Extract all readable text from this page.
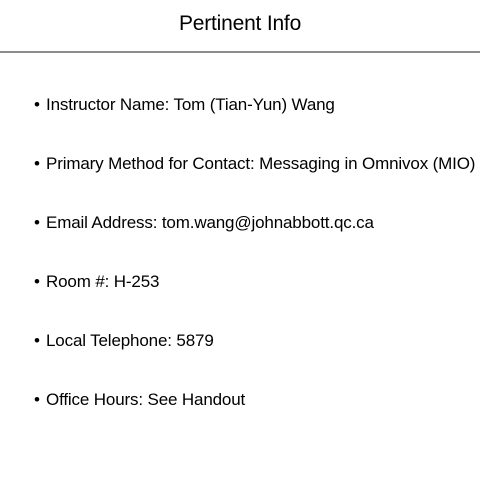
Pertinent Info
• Instructor Name: Tom (Tian-Yun) Wang
• Primary Method for Contact: Messaging in Omnivox (MIO)
• Email Address: tom.wang@johnabbott.qc.ca
• Room #: H-253
• Local Telephone: 5879
• Office Hours: See Handout
